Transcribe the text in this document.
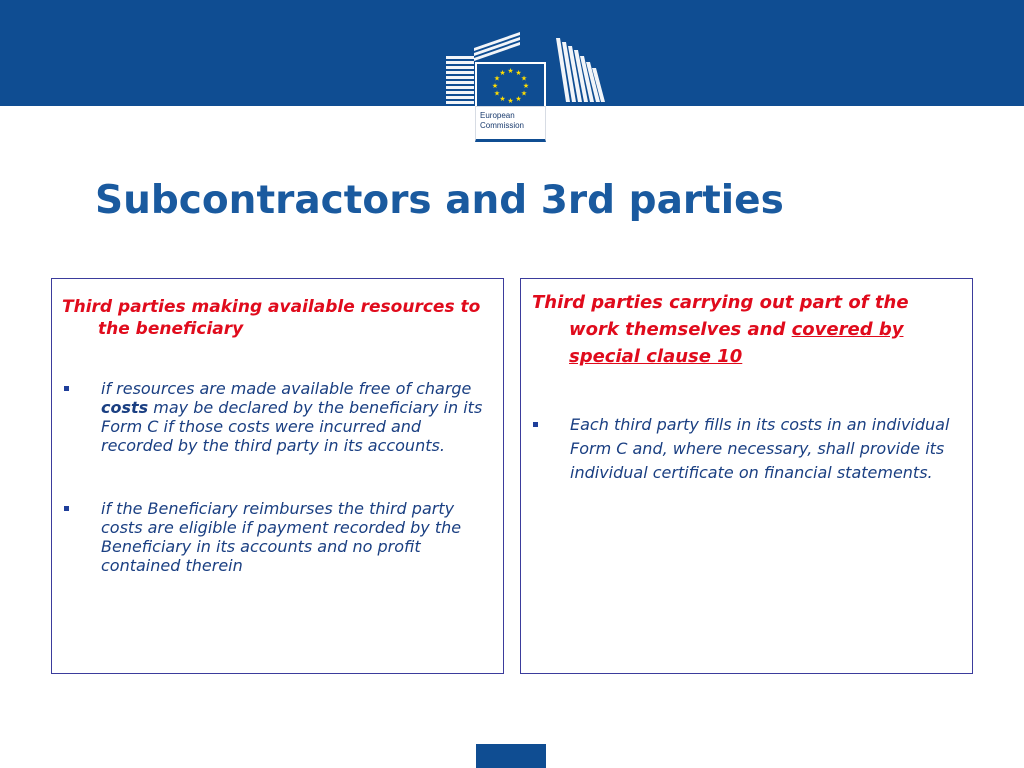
★ ★
★
★
★
★
★
★
★
★
★
★
European
Commission
Subcontractors and 3rd parties

Third parties making available resources to the beneficiary

if resources are made available free of charge costs may be declared by the beneficiary in its Form C if those costs were incurred and recorded by the third party in its accounts.

if the Beneficiary reimburses the third party costs are eligible if payment recorded by the Beneficiary in its accounts and no profit contained therein

Third parties carrying out part of the work themselves and covered by special clause 10

Each third party fills in its costs in an individual Form C and, where necessary, shall provide its individual certificate on financial statements.
